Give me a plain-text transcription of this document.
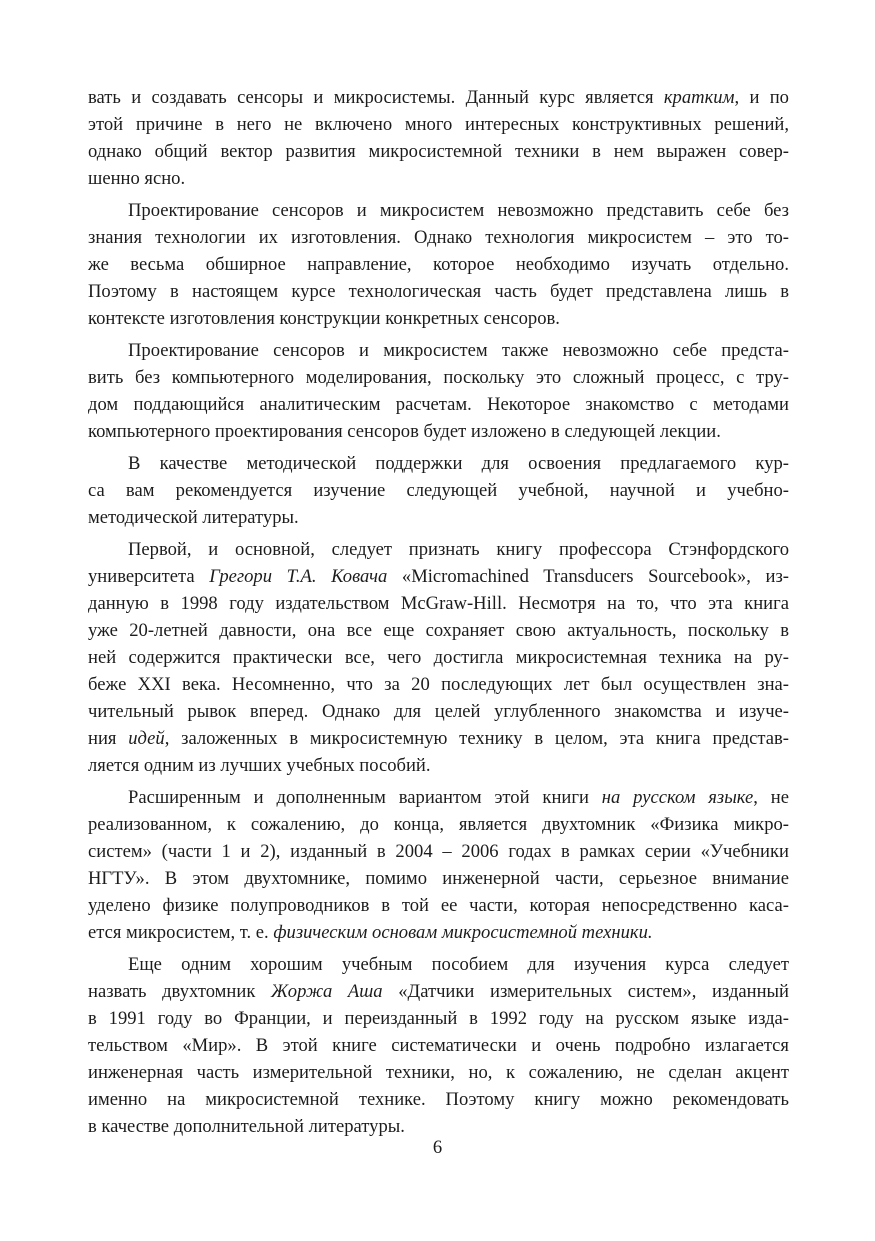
вать и создавать сенсоры и микросистемы. Данный курс является кратким, и по
этой причине в него не включено много интересных конструктивных решений,
однако общий вектор развития микросистемной техники в нем выражен совер-
шенно ясно.
Проектирование сенсоров и микросистем невозможно представить себе без
знания технологии их изготовления. Однако технология микросистем – это то-
же весьма обширное направление, которое необходимо изучать отдельно.
Поэтому в настоящем курсе технологическая часть будет представлена лишь в
контексте изготовления конструкции конкретных сенсоров.
Проектирование сенсоров и микросистем также невозможно себе предста-
вить без компьютерного моделирования, поскольку это сложный процесс, с тру-
дом поддающийся аналитическим расчетам. Некоторое знакомство с методами
компьютерного проектирования сенсоров будет изложено в следующей лекции.
В качестве методической поддержки для освоения предлагаемого кур-
са вам рекомендуется изучение следующей учебной, научной и учебно-
методической литературы.
Первой, и основной, следует признать книгу профессора Стэнфордского
университета Грегори Т.А. Ковача «Micromachined Transducers Sourcebook», из-
данную в 1998 году издательством McGraw-Hill. Несмотря на то, что эта книга
уже 20-летней давности, она все еще сохраняет свою актуальность, поскольку в
ней содержится практически все, чего достигла микросистемная техника на ру-
беже XXI века. Несомненно, что за 20 последующих лет был осуществлен зна-
чительный рывок вперед. Однако для целей углубленного знакомства и изуче-
ния идей, заложенных в микросистемную технику в целом, эта книга представ-
ляется одним из лучших учебных пособий.
Расширенным и дополненным вариантом этой книги на русском языке, не
реализованном, к сожалению, до конца, является двухтомник «Физика микро-
систем» (части 1 и 2), изданный в 2004 – 2006 годах в рамках серии «Учебники
НГТУ». В этом двухтомнике, помимо инженерной части, серьезное внимание
уделено физике полупроводников в той ее части, которая непосредственно каса-
ется микросистем, т. е. физическим основам микросистемной техники.
Еще одним хорошим учебным пособием для изучения курса следует
назвать двухтомник Жоржа Аша «Датчики измерительных систем», изданный
в 1991 году во Франции, и переизданный в 1992 году на русском языке изда-
тельством «Мир». В этой книге систематически и очень подробно излагается
инженерная часть измерительной техники, но, к сожалению, не сделан акцент
именно на микросистемной технике. Поэтому книгу можно рекомендовать
в качестве дополнительной литературы.
6
